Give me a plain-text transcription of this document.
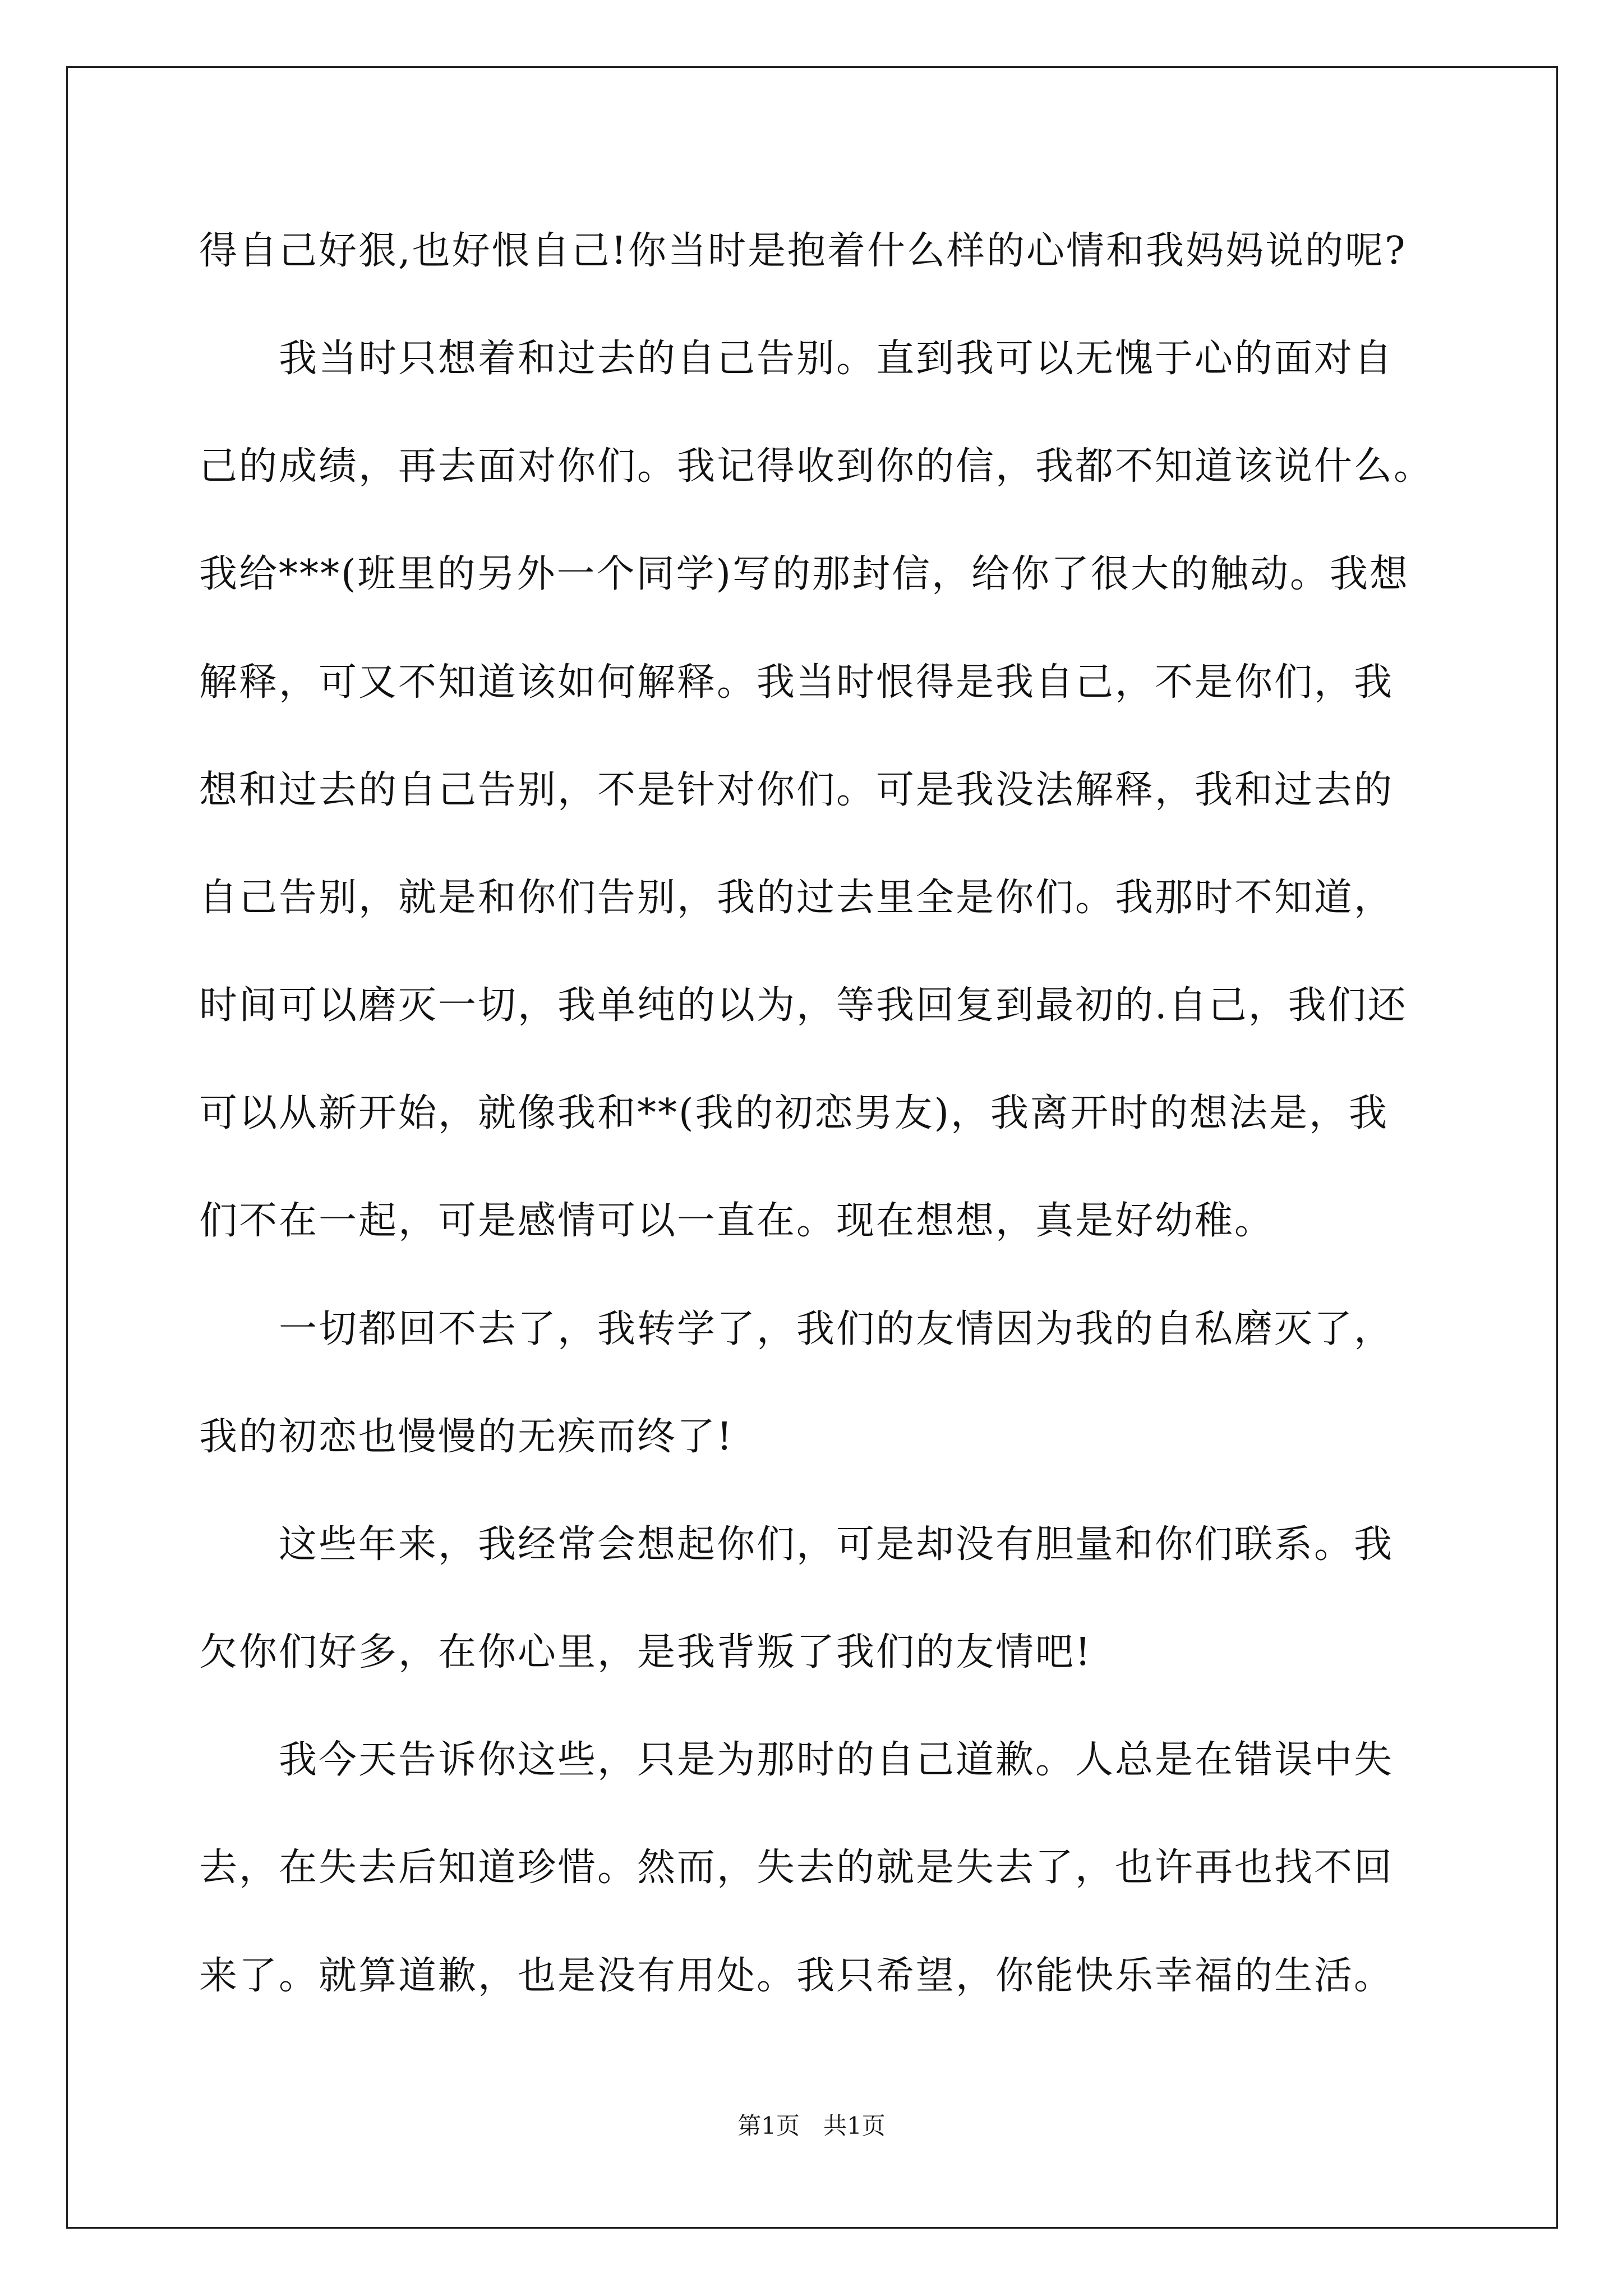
得自己好狠,也好恨自己!你当时是抱着什么样的心情和我妈妈说的呢?
　　我当时只想着和过去的自己告别。直到我可以无愧于心的面对自
己的成绩，再去面对你们。我记得收到你的信，我都不知道该说什么。
我给***(班里的另外一个同学)写的那封信，给你了很大的触动。我想
解释，可又不知道该如何解释。我当时恨得是我自己，不是你们，我
想和过去的自己告别，不是针对你们。可是我没法解释，我和过去的
自己告别，就是和你们告别，我的过去里全是你们。我那时不知道，
时间可以磨灭一切，我单纯的以为，等我回复到最初的.自己，我们还
可以从新开始，就像我和**(我的初恋男友)，我离开时的想法是，我
们不在一起，可是感情可以一直在。现在想想，真是好幼稚。
　　一切都回不去了，我转学了，我们的友情因为我的自私磨灭了，
我的初恋也慢慢的无疾而终了!
　　这些年来，我经常会想起你们，可是却没有胆量和你们联系。我
欠你们好多，在你心里，是我背叛了我们的友情吧!
　　我今天告诉你这些，只是为那时的自己道歉。人总是在错误中失
去，在失去后知道珍惜。然而，失去的就是失去了，也许再也找不回
来了。就算道歉，也是没有用处。我只希望，你能快乐幸福的生活。
第1页　共1页
